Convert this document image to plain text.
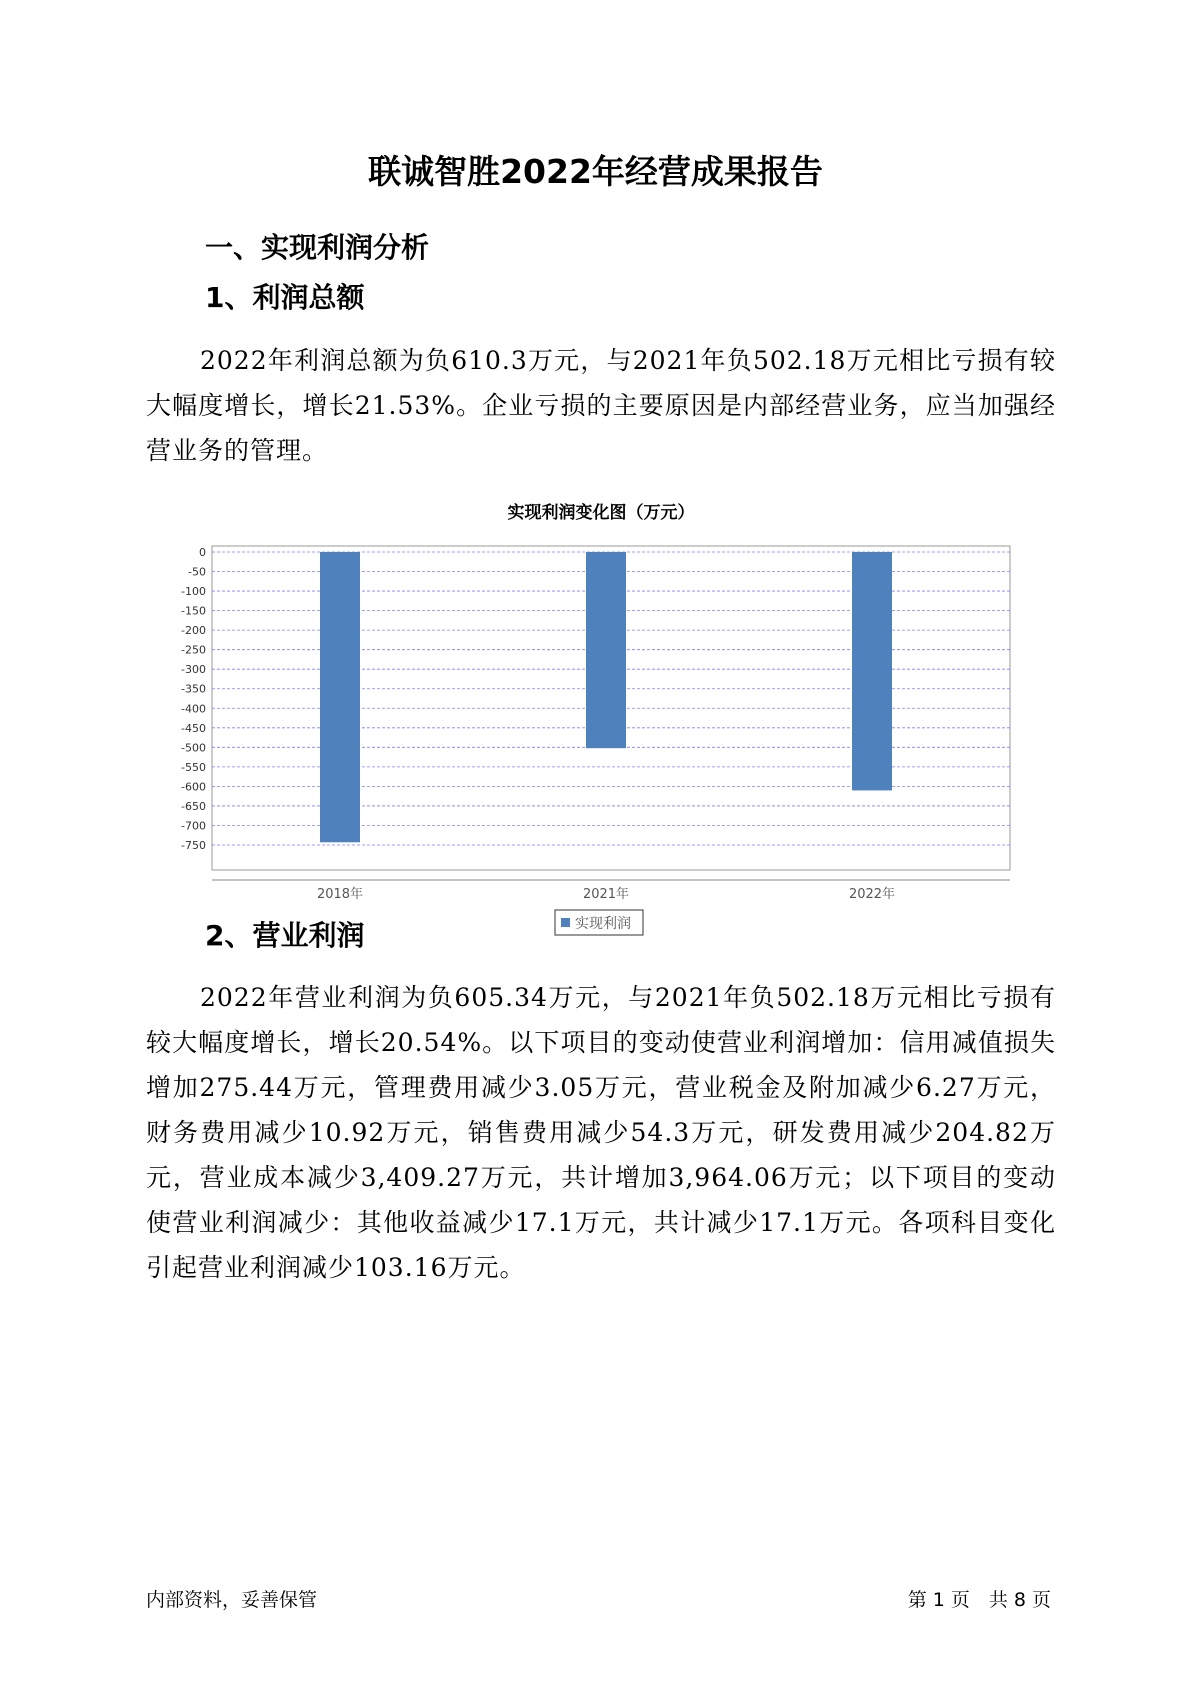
联诚智胜2022年经营成果报告
一、实现利润分析
1、利润总额
2022年利润总额为负610.3万元，与2021年负502.18万元相比亏损有较大幅度增长，增长21.53%。企业亏损的主要原因是内部经营业务，应当加强经营业务的管理。
实现利润变化图（万元）
0
-50
-100
-150
-200
-250
-300
-350
-400
-450
-500
-550
-600
-650
-700
-750
2018年	2021年	2022年
实现利润
2、营业利润
2022年营业利润为负605.34万元，与2021年负502.18万元相比亏损有较大幅度增长，增长20.54%。以下项目的变动使营业利润增加：信用减值损失增加275.44万元，管理费用减少3.05万元，营业税金及附加减少6.27万元，财务费用减少10.92万元，销售费用减少54.3万元，研发费用减少204.82万元，营业成本减少3,409.27万元，共计增加3,964.06万元；以下项目的变动使营业利润减少：其他收益减少17.1万元，共计减少17.1万元。各项科目变化引起营业利润减少103.16万元。
内部资料，妥善保管	第 1 页　共 8 页
